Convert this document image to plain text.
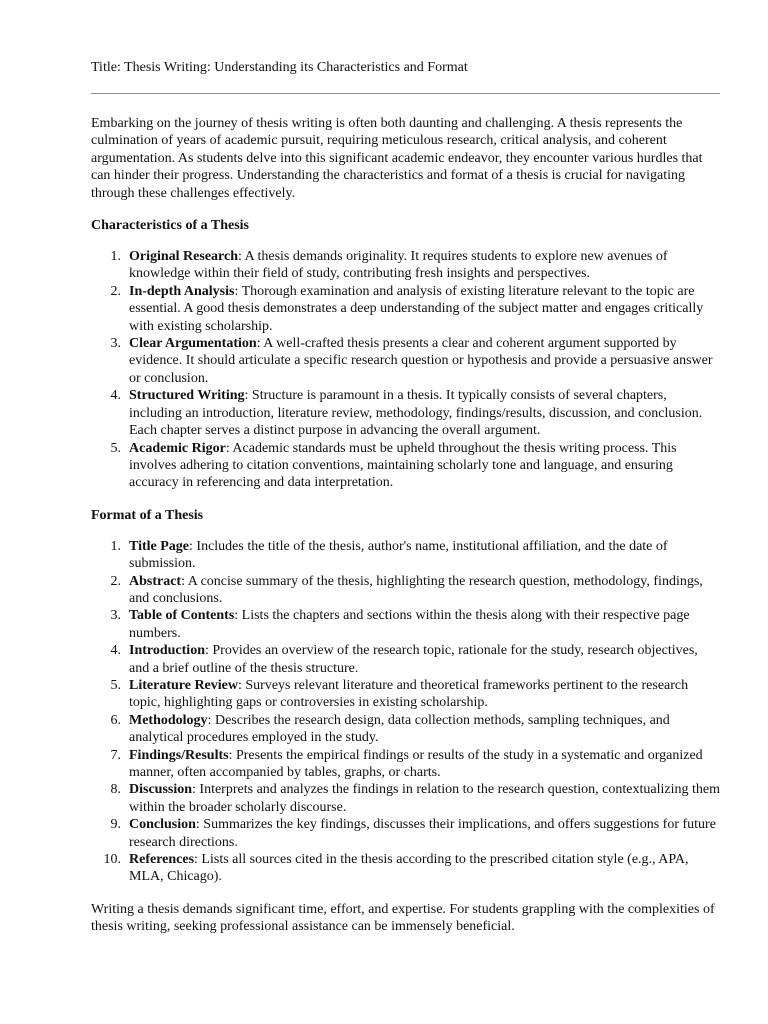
Title: Thesis Writing: Understanding its Characteristics and Format

Embarking on the journey of thesis writing is often both daunting and challenging. A thesis represents the culmination of years of academic pursuit, requiring meticulous research, critical analysis, and coherent argumentation. As students delve into this significant academic endeavor, they encounter various hurdles that can hinder their progress. Understanding the characteristics and format of a thesis is crucial for navigating through these challenges effectively.

Characteristics of a Thesis
1. Original Research: A thesis demands originality. It requires students to explore new avenues of knowledge within their field of study, contributing fresh insights and perspectives.
2. In-depth Analysis: Thorough examination and analysis of existing literature relevant to the topic are essential. A good thesis demonstrates a deep understanding of the subject matter and engages critically with existing scholarship.
3. Clear Argumentation: A well-crafted thesis presents a clear and coherent argument supported by evidence. It should articulate a specific research question or hypothesis and provide a persuasive answer or conclusion.
4. Structured Writing: Structure is paramount in a thesis. It typically consists of several chapters, including an introduction, literature review, methodology, findings/results, discussion, and conclusion. Each chapter serves a distinct purpose in advancing the overall argument.
5. Academic Rigor: Academic standards must be upheld throughout the thesis writing process. This involves adhering to citation conventions, maintaining scholarly tone and language, and ensuring accuracy in referencing and data interpretation.
Format of a Thesis
1. Title Page: Includes the title of the thesis, author's name, institutional affiliation, and the date of submission.
2. Abstract: A concise summary of the thesis, highlighting the research question, methodology, findings, and conclusions.
3. Table of Contents: Lists the chapters and sections within the thesis along with their respective page numbers.
4. Introduction: Provides an overview of the research topic, rationale for the study, research objectives, and a brief outline of the thesis structure.
5. Literature Review: Surveys relevant literature and theoretical frameworks pertinent to the research topic, highlighting gaps or controversies in existing scholarship.
6. Methodology: Describes the research design, data collection methods, sampling techniques, and analytical procedures employed in the study.
7. Findings/Results: Presents the empirical findings or results of the study in a systematic and organized manner, often accompanied by tables, graphs, or charts.
8. Discussion: Interprets and analyzes the findings in relation to the research question, contextualizing them within the broader scholarly discourse.
9. Conclusion: Summarizes the key findings, discusses their implications, and offers suggestions for future research directions.
10. References: Lists all sources cited in the thesis according to the prescribed citation style (e.g., APA, MLA, Chicago).

Writing a thesis demands significant time, effort, and expertise. For students grappling with the complexities of thesis writing, seeking professional assistance can be immensely beneficial.
